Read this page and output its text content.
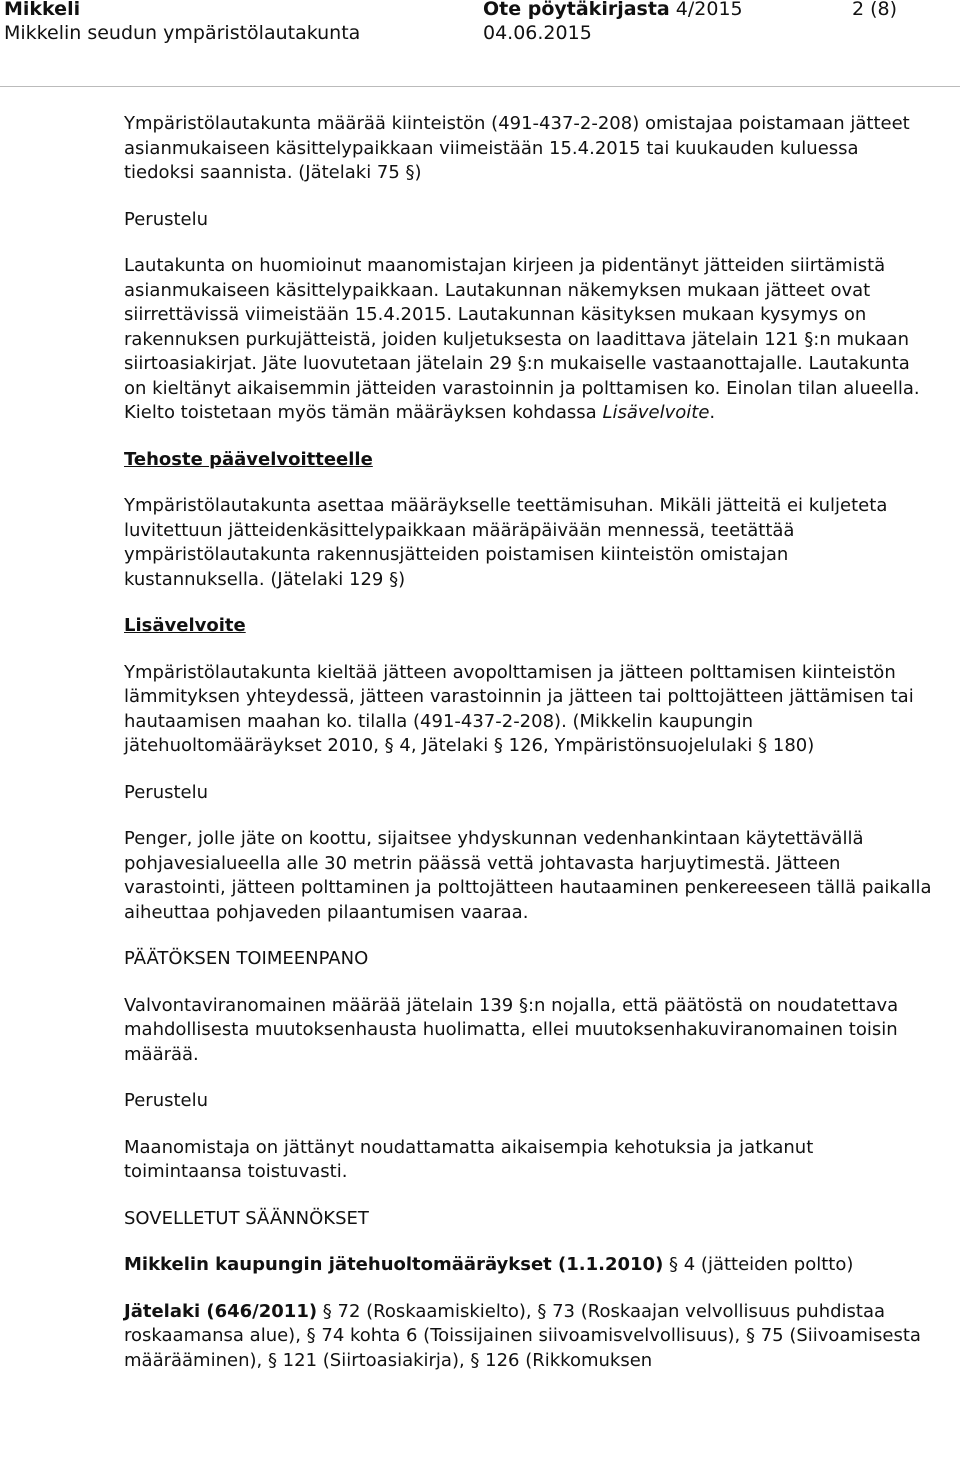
Mikkeli
Mikkelin seudun ympäristölautakunta
Ote pöytäkirjasta 4/2015
04.06.2015
2 (8)

Ympäristölautakunta määrää kiinteistön (491-437-2-208) omistajaa poistamaan jätteet asianmukaiseen käsittelypaikkaan viimeistään 15.4.2015 tai kuukauden kuluessa tiedoksi saannista. (Jätelaki 75 §)

Perustelu

Lautakunta on huomioinut maanomistajan kirjeen ja pidentänyt jätteiden siirtämistä asianmukaiseen käsittelypaikkaan. Lautakunnan näkemyksen mukaan jätteet ovat siirrettävissä viimeistään 15.4.2015. Lautakunnan käsityksen mukaan kysymys on rakennuksen purkujätteistä, joiden kuljetuksesta on laadittava jätelain 121 §:n mukaan siirtoasiakirjat. Jäte luovutetaan jätelain 29 §:n mukaiselle vastaanottajalle. Lautakunta on kieltänyt aikaisemmin jätteiden varastoinnin ja polttamisen ko. Einolan tilan alueella. Kielto toistetaan myös tämän määräyksen kohdassa Lisävelvoite.

Tehoste päävelvoitteelle

Ympäristölautakunta asettaa määräykselle teettämisuhan. Mikäli jätteitä ei kuljeteta luvitettuun jätteidenkäsittelypaikkaan määräpäivään mennessä, teetättää ympäristölautakunta rakennusjätteiden poistamisen kiinteistön omistajan kustannuksella. (Jätelaki 129 §)

Lisävelvoite

Ympäristölautakunta kieltää jätteen avopolttamisen ja jätteen polttamisen kiinteistön lämmityksen yhteydessä, jätteen varastoinnin ja jätteen tai polttojätteen jättämisen tai hautaamisen maahan ko. tilalla (491-437-2-208). (Mikkelin kaupungin jätehuoltomääräykset 2010, § 4, Jätelaki § 126, Ympäristönsuojelulaki § 180)

Perustelu

Penger, jolle jäte on koottu, sijaitsee yhdyskunnan vedenhankintaan käytettävällä pohjavesialueella alle 30 metrin päässä vettä johtavasta harjuytimestä. Jätteen varastointi, jätteen polttaminen ja polttojätteen hautaaminen penkereeseen tällä paikalla aiheuttaa pohjaveden pilaantumisen vaaraa.

PÄÄTÖKSEN TOIMEENPANO

Valvontaviranomainen määrää jätelain 139 §:n nojalla, että päätöstä on noudatettava mahdollisesta muutoksenhausta huolimatta, ellei muutoksenhakuviranomainen toisin määrää.

Perustelu

Maanomistaja on jättänyt noudattamatta aikaisempia kehotuksia ja jatkanut toimintaansa toistuvasti.

SOVELLETUT SÄÄNNÖKSET

Mikkelin kaupungin jätehuoltomääräykset (1.1.2010) § 4 (jätteiden poltto)

Jätelaki (646/2011) § 72 (Roskaamiskielto), § 73 (Roskaajan velvollisuus puhdistaa roskaamansa alue), § 74 kohta 6 (Toissijainen siivoamisvelvollisuus), § 75 (Siivoamisesta määrääminen), § 121 (Siirtoasiakirja), § 126 (Rikkomuksen
